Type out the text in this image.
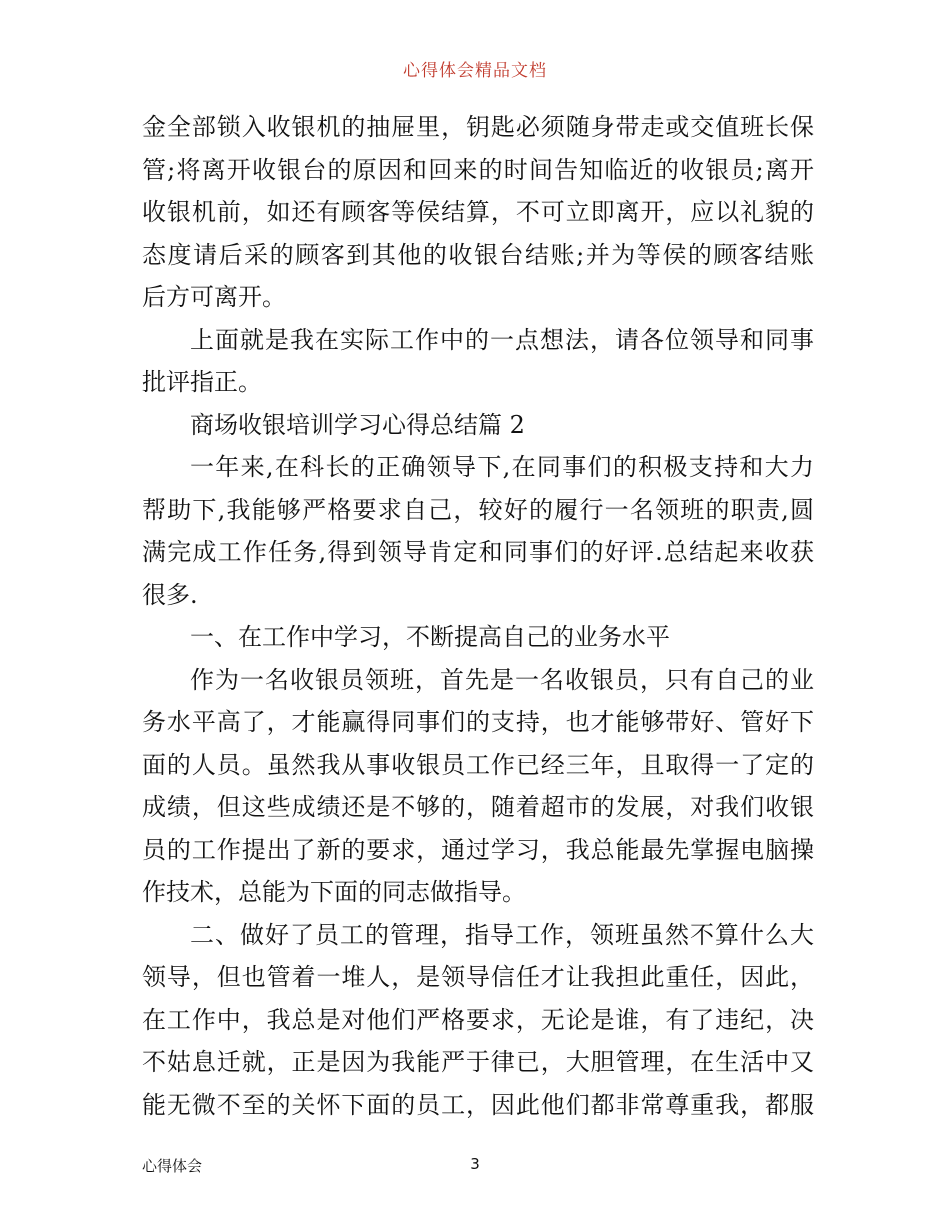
心得体会精品文档
金全部锁入收银机的抽屉里，钥匙必须随身带走或交值班长保
管;将离开收银台的原因和回来的时间告知临近的收银员;离开
收银机前，如还有顾客等侯结算，不可立即离开，应以礼貌的
态度请后采的顾客到其他的收银台结账;并为等侯的顾客结账
后方可离开。
上面就是我在实际工作中的一点想法，请各位领导和同事
批评指正。
商场收银培训学习心得总结篇 2
一年来,在科长的正确领导下,在同事们的积极支持和大力
帮助下,我能够严格要求自己，较好的履行一名领班的职责,圆
满完成工作任务,得到领导肯定和同事们的好评.总结起来收获
很多.
一、在工作中学习，不断提高自己的业务水平
作为一名收银员领班，首先是一名收银员，只有自己的业
务水平高了，才能赢得同事们的支持，也才能够带好、管好下
面的人员。虽然我从事收银员工作已经三年，且取得一了定的
成绩，但这些成绩还是不够的，随着超市的发展，对我们收银
员的工作提出了新的要求，通过学习，我总能最先掌握电脑操
作技术，总能为下面的同志做指导。
二、做好了员工的管理，指导工作，领班虽然不算什么大
领导，但也管着一堆人，是领导信任才让我担此重任，因此，
在工作中，我总是对他们严格要求，无论是谁，有了违纪，决
不姑息迁就，正是因为我能严于律已，大胆管理，在生活中又
能无微不至的关怀下面的员工，因此他们都非常尊重我，都服
心得体会	3
